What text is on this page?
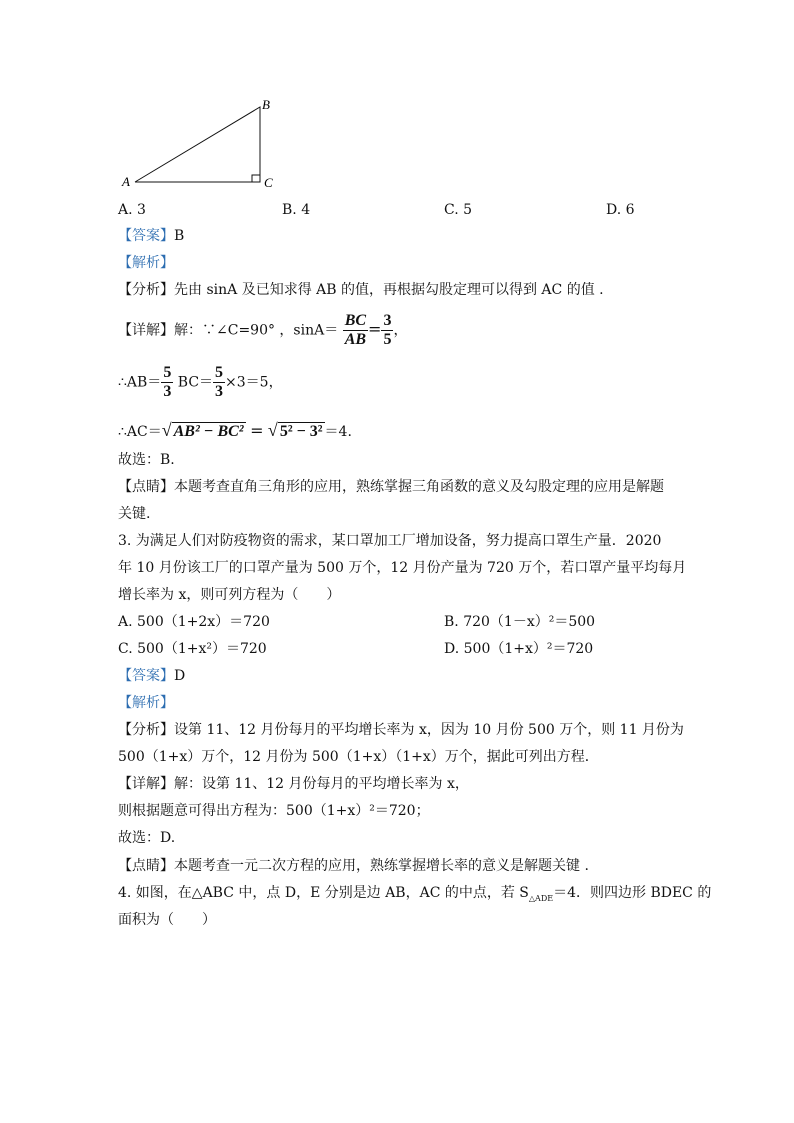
A
B
C
A. 3	B. 4	C. 5	D. 6
【答案】B
【解析】
【分析】先由 sinA 及已知求得 AB 的值，再根据勾股定理可以得到 AC 的值 .
【详解】解：∵∠C=90° ，$\sin A= \frac{BC}{AB} = \frac{3}{5}$ ，
∴AB＝ $\frac{5}{3} BC= \frac{5}{3} \times 3=5$，
∴AC＝√ AB² − BC² = √ 5² − 3² ＝4.
故选：B.
【点睛】本题考查直角三角形的应用，熟练掌握三角函数的意义及勾股定理的应用是解题
关键.
3. 为满足人们对防疫物资的需求，某口罩加工厂增加设备，努力提高口罩生产量．2020
年 10 月份该工厂的口罩产量为 500 万个，12 月份产量为 720 万个，若口罩产量平均每月
增长率为 x，则可列方程为（　　）
A. 500（1+2x）＝720	B. 720（1－x）²＝500
C. 500（1+x²）＝720	D. 500（1+x）²＝720
【答案】D
【解析】
【分析】设第 11、12 月份每月的平均增长率为 x，因为 10 月份 500 万个，则 11 月份为
500（1+x）万个，12 月份为 500（1+x）（1+x）万个，据此可列出方程．
【详解】解：设第 11、12 月份每月的平均增长率为 x，
则根据题意可得出方程为：500（1+x）²＝720；
故选：D.
【点睛】本题考查一元二次方程的应用，熟练掌握增长率的意义是解题关键 .
4. 如图，在△ABC 中，点 D，E 分别是边 AB，AC 的中点，若 $S_{\triangle ADE}=4$．则四边形 BDEC 的
面积为（　　）
